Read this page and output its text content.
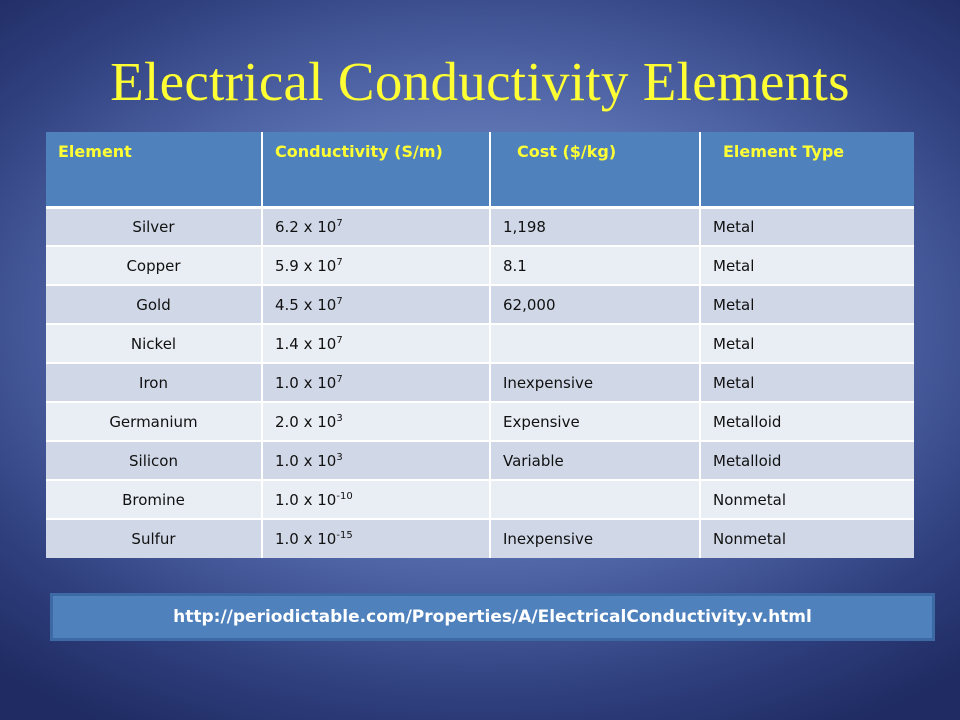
Electrical Conductivity Elements
Element	Conductivity (S/m)	Cost ($/kg)	Element Type
Silver	6.2 x $10^7$	1,198	Metal
Copper	5.9 x $10^7$	8.1	Metal
Gold	4.5 x $10^7$	62,000	Metal
Nickel	1.4 x $10^7$		Metal
Iron	1.0 x $10^7$	Inexpensive	Metal
Germanium	2.0 x $10^3$	Expensive	Metalloid
Silicon	1.0 x $10^3$	Variable	Metalloid
Bromine	1.0 x $10^{-10}$		Nonmetal
Sulfur	1.0 x $10^{-15}$	Inexpensive	Nonmetal
http://periodictable.com/Properties/A/ElectricalConductivity.v.html
